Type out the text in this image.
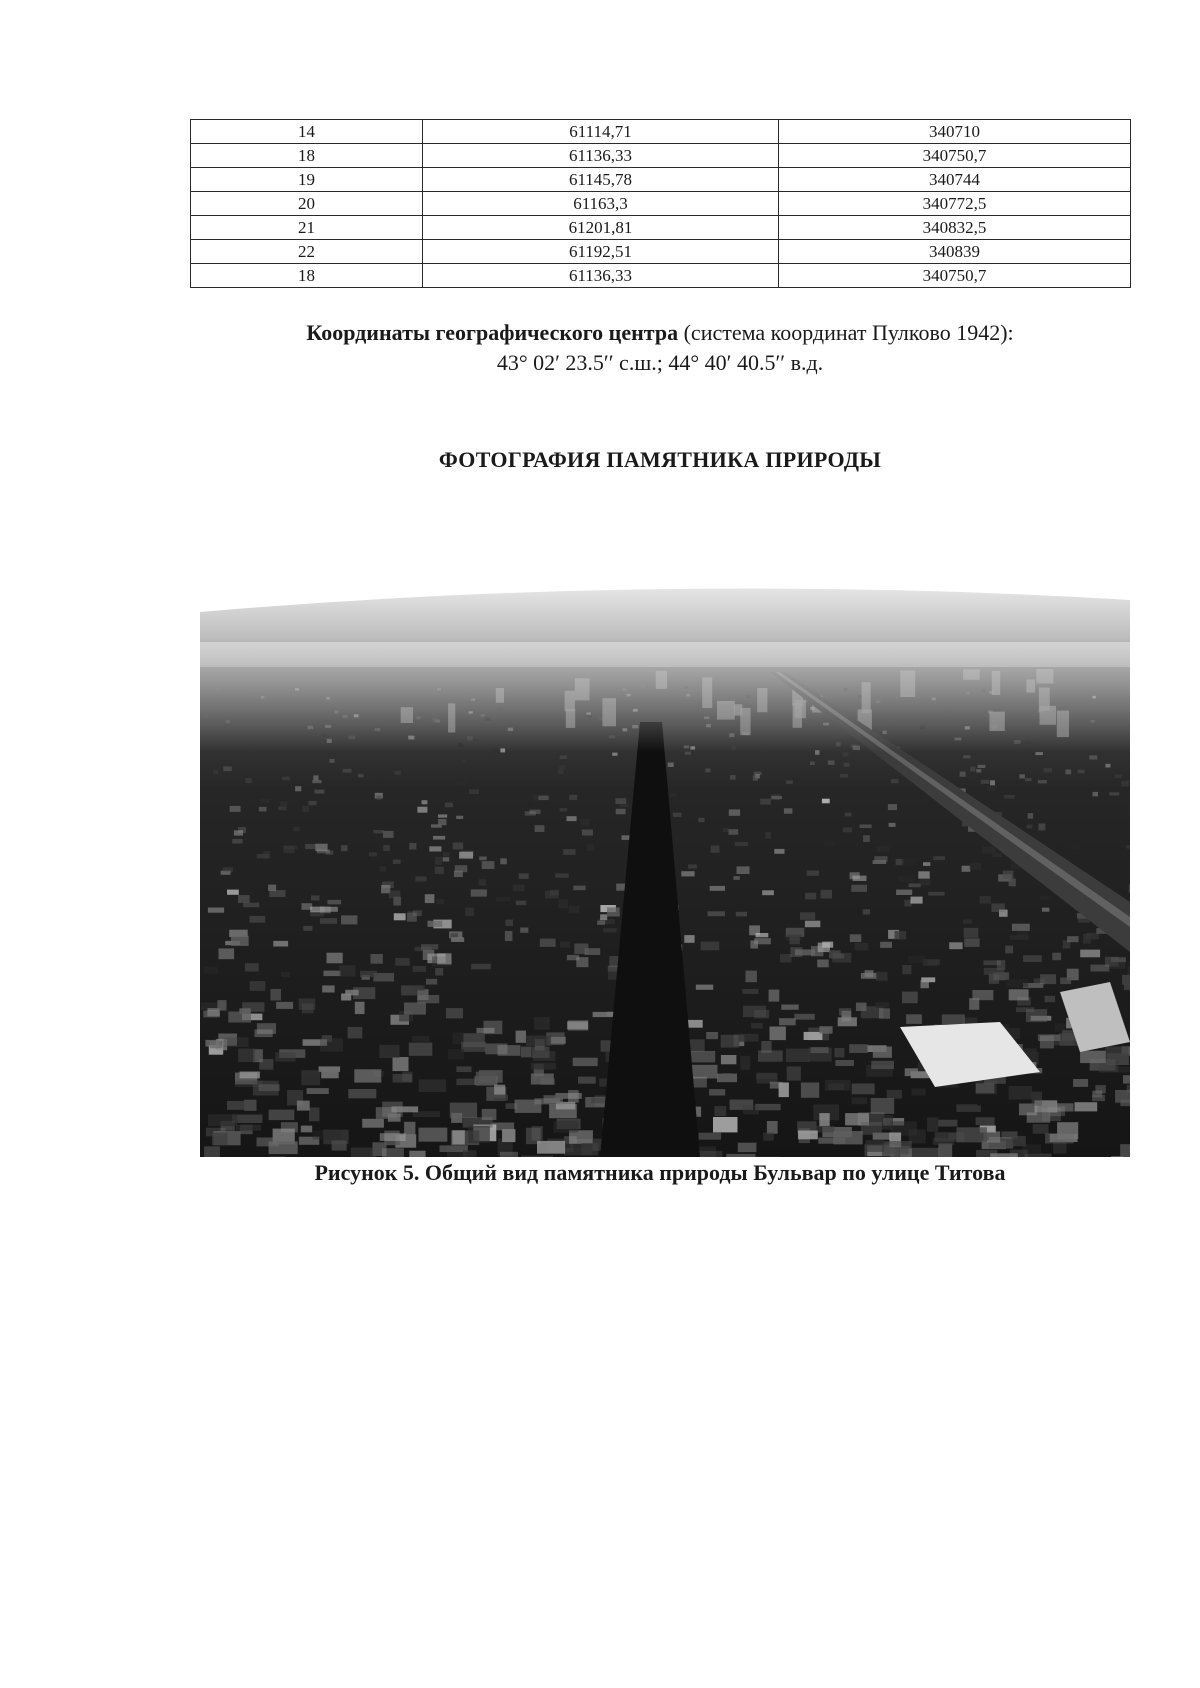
14	61114,71	340710
18	61136,33	340750,7
19	61145,78	340744
20	61163,3	340772,5
21	61201,81	340832,5
22	61192,51	340839
18	61136,33	340750,7
Координаты географического центра (система координат Пулково 1942):
43° 02′ 23.5′′ с.ш.; 44° 40′ 40.5′′ в.д.
ФОТОГРАФИЯ ПАМЯТНИКА ПРИРОДЫ
Рисунок 5. Общий вид памятника природы Бульвар по улице Титова
